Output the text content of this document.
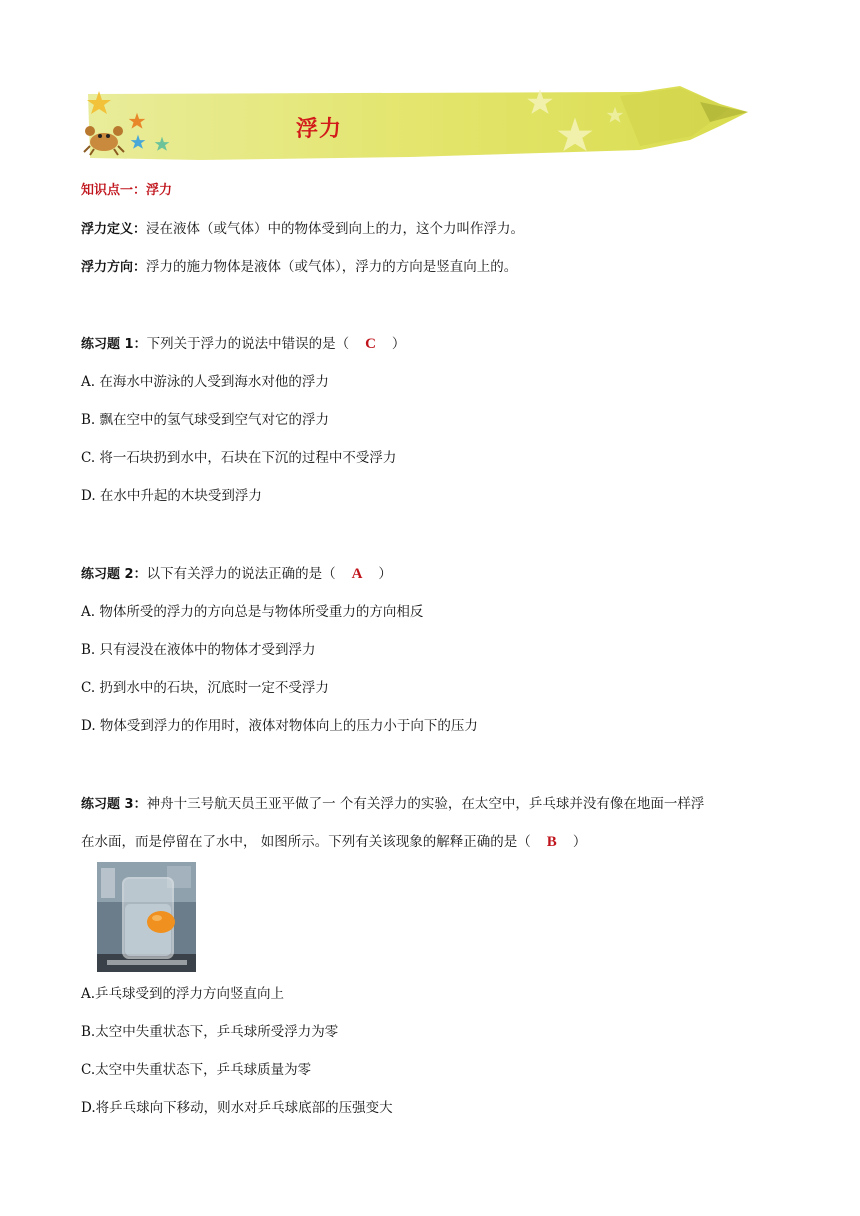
浮力
知识点一：浮力
浮力定义：浸在液体（或气体）中的物体受到向上的力，这个力叫作浮力。
浮力方向：浮力的施力物体是液体（或气体），浮力的方向是竖直向上的。
练习题 1：下列关于浮力的说法中错误的是（ C ）
A. 在海水中游泳的人受到海水对他的浮力
B. 飘在空中的氢气球受到空气对它的浮力
C. 将一石块扔到水中，石块在下沉的过程中不受浮力
D. 在水中升起的木块受到浮力
练习题 2：以下有关浮力的说法正确的是（ A ）
A. 物体所受的浮力的方向总是与物体所受重力的方向相反
B. 只有浸没在液体中的物体才受到浮力
C. 扔到水中的石块，沉底时一定不受浮力
D. 物体受到浮力的作用时，液体对物体向上的压力小于向下的压力
练习题 3：神舟十三号航天员王亚平做了一 个有关浮力的实验，在太空中，乒乓球并没有像在地面一样浮
在水面，而是停留在了水中， 如图所示。下列有关该现象的解释正确的是（ B ）
A.乒乓球受到的浮力方向竖直向上
B.太空中失重状态下，乒乓球所受浮力为零
C.太空中失重状态下，乒乓球质量为零
D.将乒乓球向下移动，则水对乒乓球底部的压强变大
